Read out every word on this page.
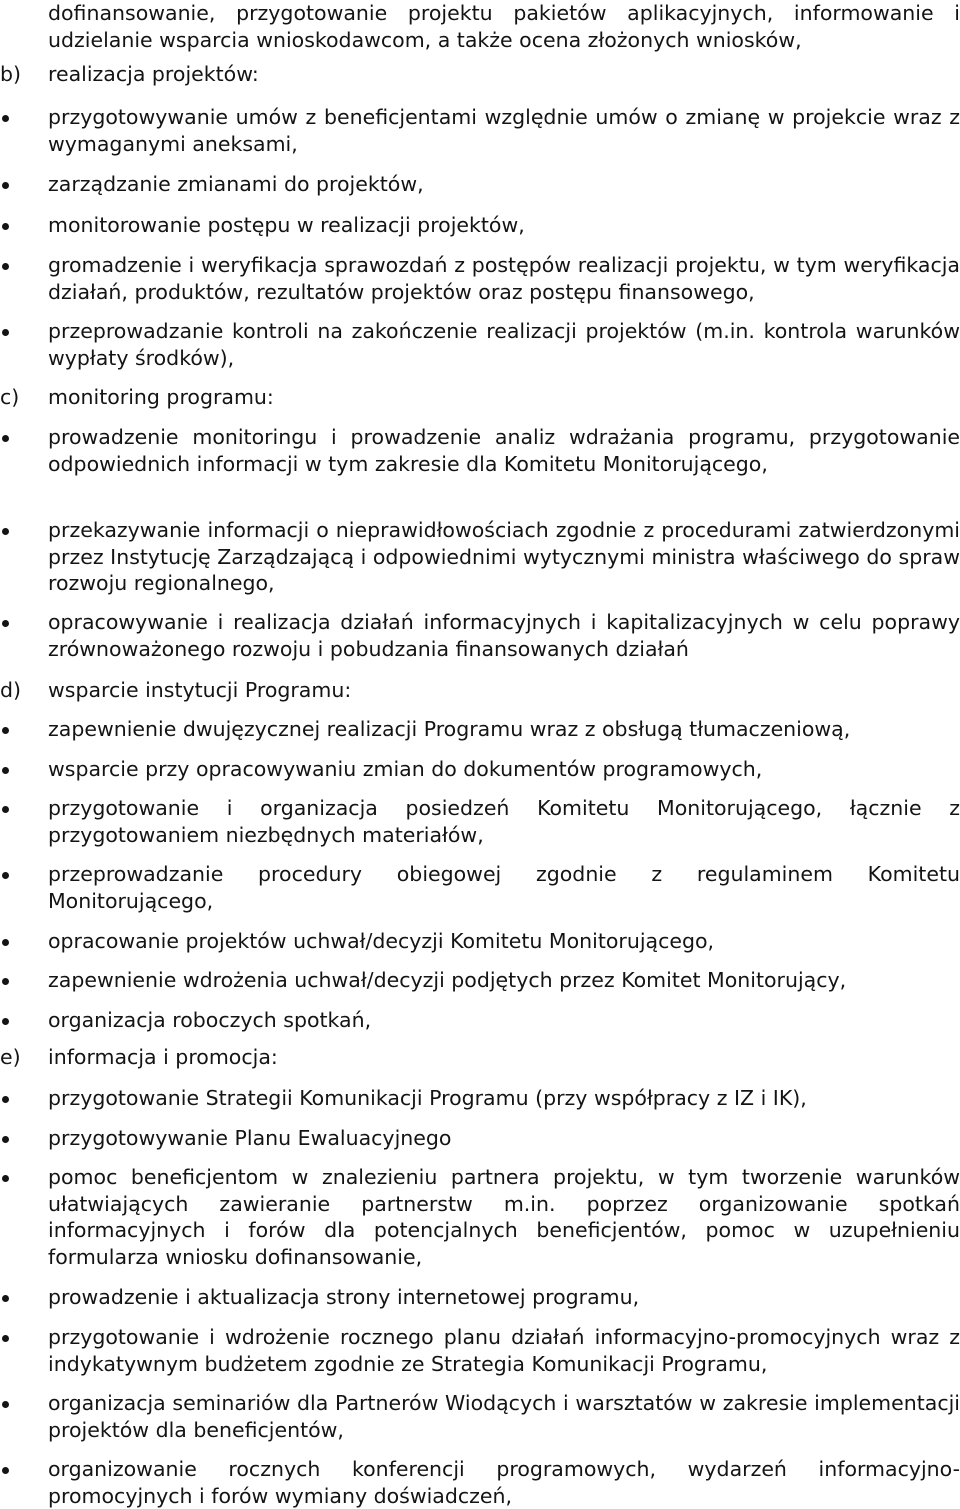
dofinansowanie, przygotowanie projektu pakietów aplikacyjnych, informowanie i

udzielanie wsparcia wnioskodawcom, a także ocena złożonych wniosków,

b) realizacja projektów:

przygotowywanie umów z beneficjentami względnie umów o zmianę w projekcie wraz z wymaganymi aneksami,

zarządzanie zmianami do projektów,

monitorowanie postępu w realizacji projektów,

gromadzenie i weryfikacja sprawozdań z postępów realizacji projektu, w tym weryfikacja działań, produktów, rezultatów projektów oraz postępu finansowego,

przeprowadzanie kontroli na zakończenie realizacji projektów (m.in. kontrola warunków wypłaty środków),

c) monitoring programu:

prowadzenie monitoringu i prowadzenie analiz wdrażania programu, przygotowanie odpowiednich informacji w tym zakresie dla Komitetu Monitorującego,

przekazywanie informacji o nieprawidłowościach zgodnie z procedurami zatwierdzonymi przez Instytucję Zarządzającą i odpowiednimi wytycznymi ministra właściwego do spraw rozwoju regionalnego,

opracowywanie i realizacja działań informacyjnych i kapitalizacyjnych w celu poprawy zrównoważonego rozwoju i pobudzania finansowanych działań

d) wsparcie instytucji Programu:

zapewnienie dwujęzycznej realizacji Programu wraz z obsługą tłumaczeniową,

wsparcie przy opracowywaniu zmian do dokumentów programowych,

przygotowanie i organizacja posiedzeń Komitetu Monitorującego, łącznie z przygotowaniem niezbędnych materiałów,

przeprowadzanie procedury obiegowej zgodnie z regulaminem Komitetu Monitorującego,

opracowanie projektów uchwał/decyzji Komitetu Monitorującego,

zapewnienie wdrożenia uchwał/decyzji podjętych przez Komitet Monitorujący,

organizacja roboczych spotkań,

e) informacja i promocja:

przygotowanie Strategii Komunikacji Programu (przy współpracy z IZ i IK),

przygotowywanie Planu Ewaluacyjnego

pomoc beneficjentom w znalezieniu partnera projektu, w tym tworzenie warunków ułatwiających zawieranie partnerstw m.in. poprzez organizowanie spotkań informacyjnych i forów dla potencjalnych beneficjentów, pomoc w uzupełnieniu formularza wniosku dofinansowanie,

prowadzenie i aktualizacja strony internetowej programu,

przygotowanie i wdrożenie rocznego planu działań informacyjno-promocyjnych wraz z indykatywnym budżetem zgodnie ze Strategia Komunikacji Programu,

organizacja seminariów dla Partnerów Wiodących i warsztatów w zakresie implementacji projektów dla beneficjentów,

organizowanie rocznych konferencji programowych, wydarzeń informacyjno-promocyjnych i forów wymiany doświadczeń,
